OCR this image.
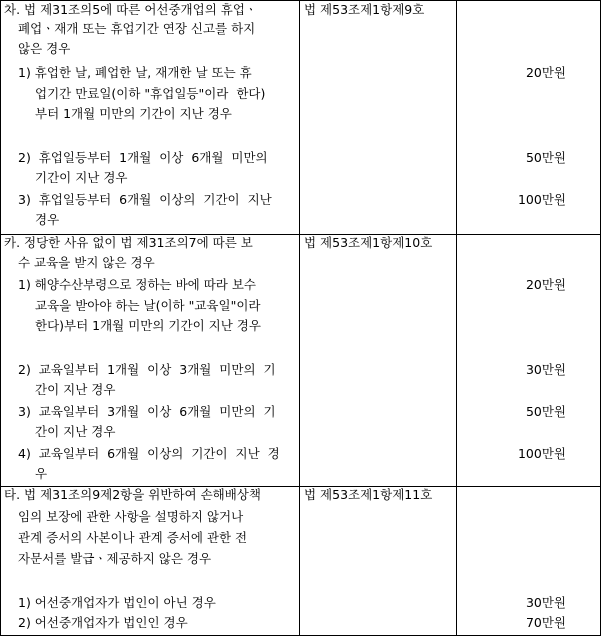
차. 법 제31조의5에 따른 어선중개업의 휴업ㆍ
폐업ㆍ재개 또는 휴업기간 연장 신고를 하지
않은 경우
법 제53조제1항제9호
1) 휴업한 날, 폐업한 날, 재개한 날 또는 휴
업기간 만료일(이하 "휴업일등"이라  한다)
부터 1개월 미만의 기간이 지난 경우
20만원
2)  휴업일등부터  1개월  이상  6개월  미만의
기간이 지난 경우
50만원
3)  휴업일등부터  6개월  이상의  기간이  지난
경우
100만원
카. 정당한 사유 없이 법 제31조의7에 따른 보
수 교육을 받지 않은 경우
법 제53조제1항제10호
1) 해양수산부령으로 정하는 바에 따라 보수
교육을 받아야 하는 날(이하 "교육일"이라
한다)부터 1개월 미만의 기간이 지난 경우
20만원
2)  교육일부터  1개월  이상  3개월  미만의  기
간이 지난 경우
30만원
3)  교육일부터  3개월  이상  6개월  미만의  기
간이 지난 경우
50만원
4)  교육일부터  6개월  이상의  기간이  지난  경
우
100만원
타. 법 제31조의9제2항을 위반하여 손해배상책
임의 보장에 관한 사항을 설명하지 않거나
관계 증서의 사본이나 관계 증서에 관한 전
자문서를 발급ㆍ제공하지 않은 경우
법 제53조제1항제11호
1) 어선중개업자가 법인이 아닌 경우	30만원
2) 어선중개업자가 법인인 경우	70만원
